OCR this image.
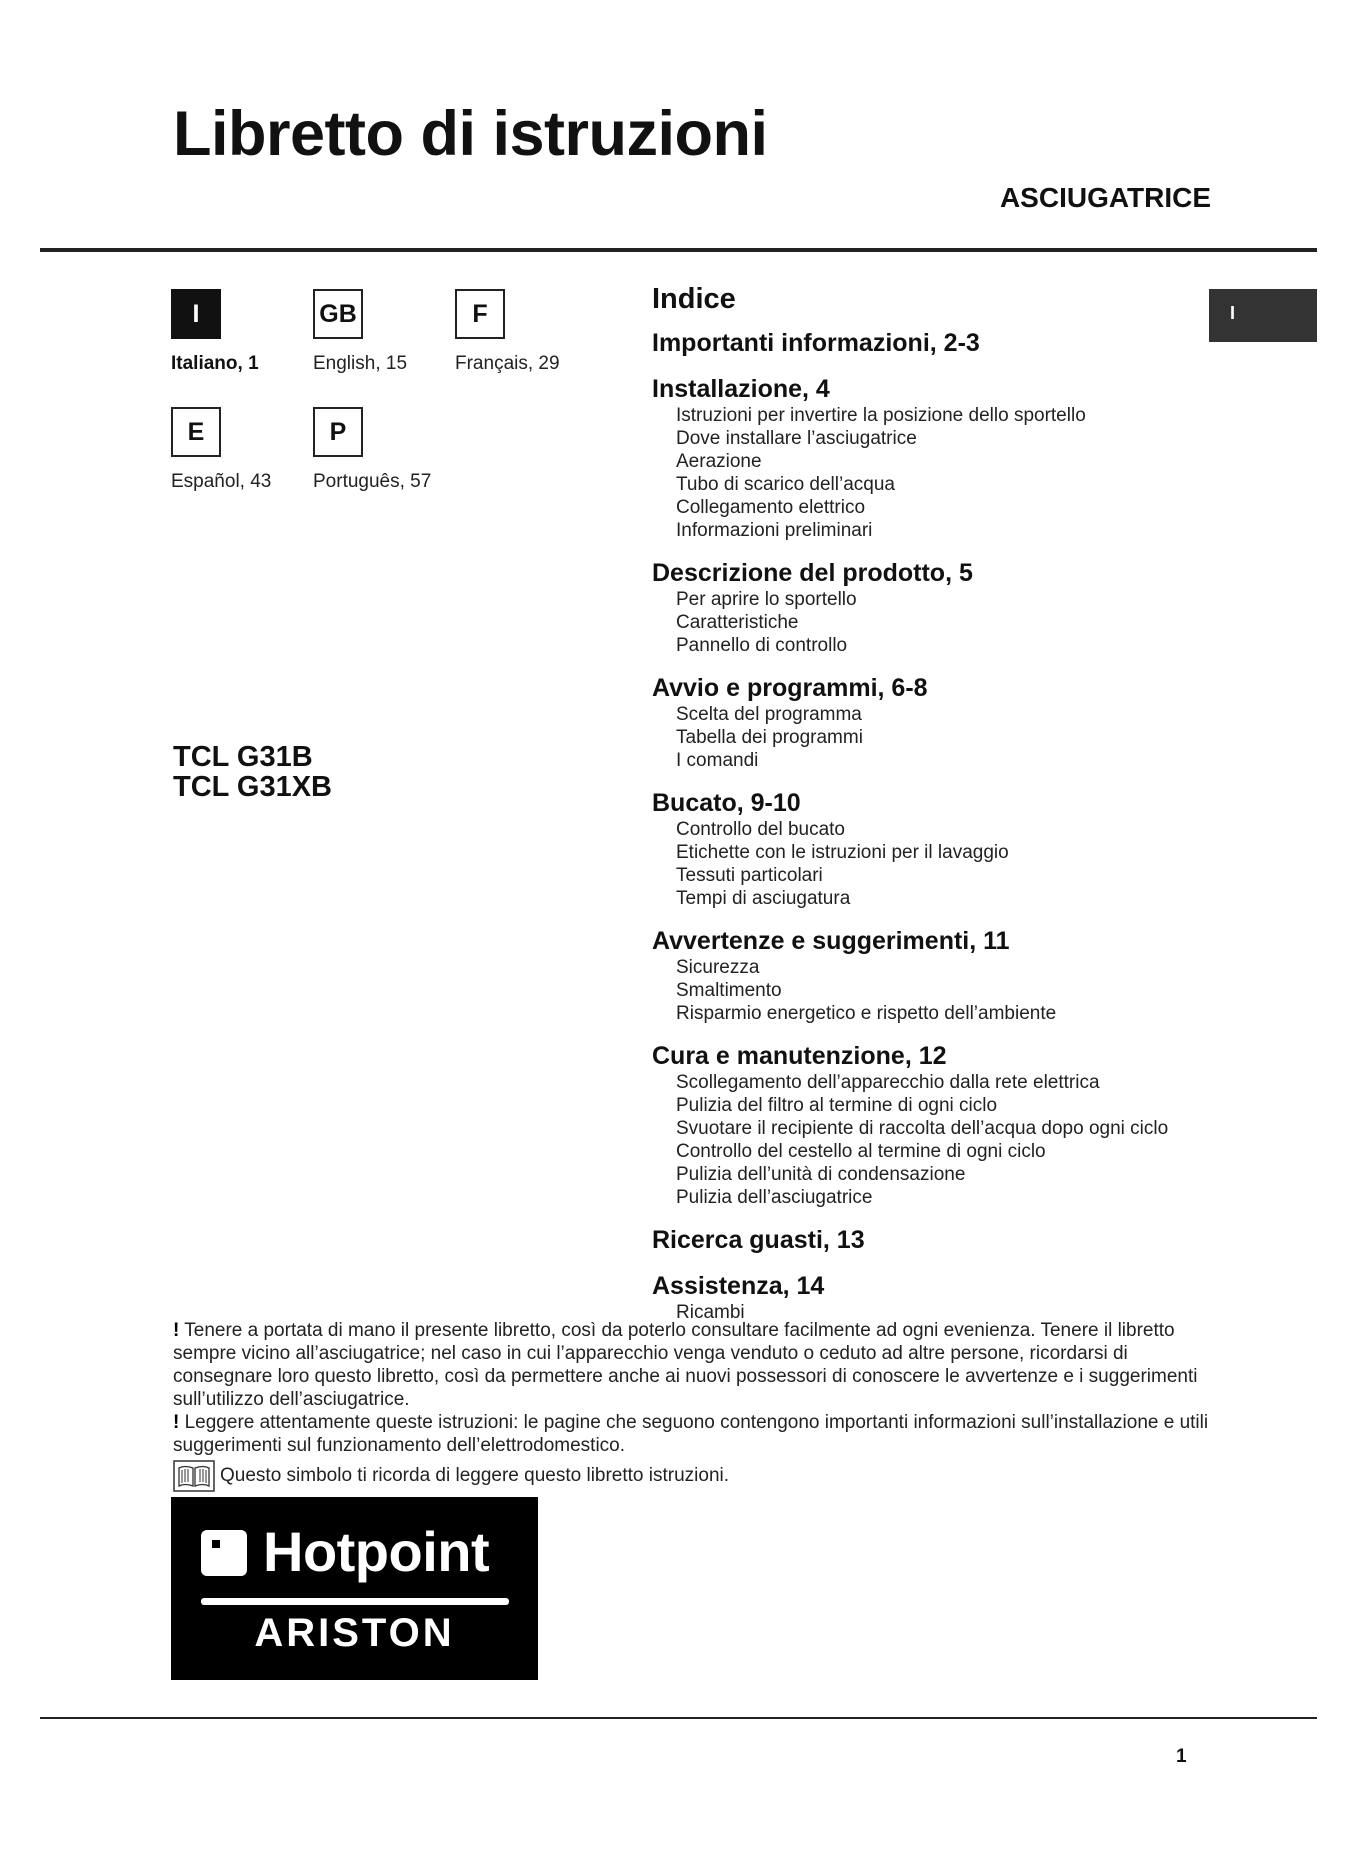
Libretto di istruzioni
ASCIUGATRICE
I
Italiano, 1
GB
English, 15
F
Français, 29
E
Español, 43
P
Português, 57
TCL G31B
TCL G31XB
I
Indice
Importanti informazioni, 2-3
Installazione, 4
Istruzioni per invertire la posizione dello sportello
Dove installare l’asciugatrice
Aerazione
Tubo di scarico dell’acqua
Collegamento elettrico
Informazioni preliminari
Descrizione del prodotto, 5
Per aprire lo sportello
Caratteristiche
Pannello di controllo
Avvio e programmi, 6-8
Scelta del programma
Tabella dei programmi
I comandi
Bucato, 9-10
Controllo del bucato
Etichette con le istruzioni per il lavaggio
Tessuti particolari
Tempi di asciugatura
Avvertenze e suggerimenti, 11
Sicurezza
Smaltimento
Risparmio energetico e rispetto dell’ambiente
Cura e manutenzione, 12
Scollegamento dell’apparecchio dalla rete elettrica
Pulizia del filtro al termine di ogni ciclo
Svuotare il recipiente di raccolta dell’acqua dopo ogni ciclo
Controllo del cestello al termine di ogni ciclo
Pulizia dell’unità di condensazione
Pulizia dell’asciugatrice
Ricerca guasti, 13
Assistenza, 14
Ricambi

! Tenere a portata di mano il presente libretto, così da poterlo consultare facilmente ad ogni evenienza. Tenere il libretto sempre vicino all’asciugatrice; nel caso in cui l’apparecchio venga venduto o ceduto ad altre persone, ricordarsi di consegnare loro questo libretto, così da permettere anche ai nuovi possessori di conoscere le avvertenze e i suggerimenti sull’utilizzo dell’asciugatrice.

! Leggere attentamente queste istruzioni: le pagine che seguono contengono importanti informazioni sull’installazione e utili suggerimenti sul funzionamento dell’elettrodomestico.

Questo simbolo ti ricorda di leggere questo libretto istruzioni.
Hotpoint
ARISTON
1
